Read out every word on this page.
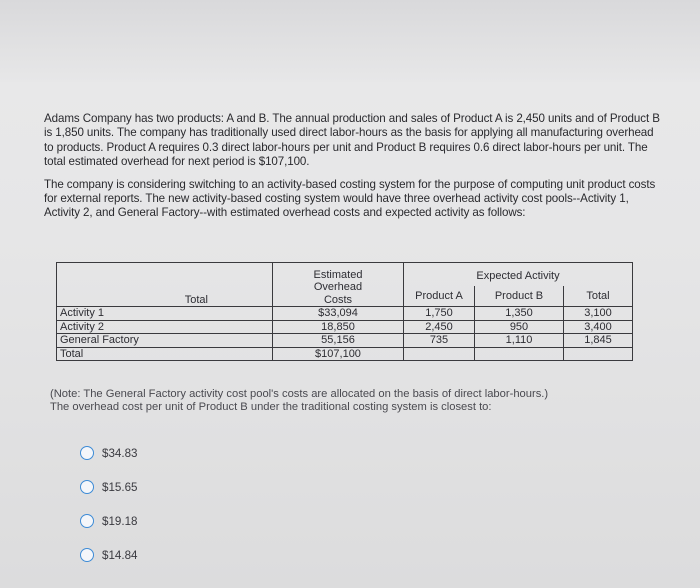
Adams Company has two products: A and B. The annual production and sales of Product A is 2,450 units and of Product B is 1,850 units. The company has traditionally used direct labor-hours as the basis for applying all manufacturing overhead to products. Product A requires 0.3 direct labor-hours per unit and Product B requires 0.6 direct labor-hours per unit. The total estimated overhead for next period is $107,100.

The company is considering switching to an activity-based costing system for the purpose of computing unit product costs for external reports. The new activity-based costing system would have three overhead activity cost pools--Activity 1, Activity 2, and General Factory--with estimated overhead costs and expected activity as follows:

Total	Estimated
Overhead
Costs	Expected Activity		
		Product A	Product B	Total
Activity 1	$33,094	1,750	1,350	3,100
Activity 2	18,850	2,450	950	3,400
General Factory	55,156	735	1,110	1,845
Total	$107,100			
(Note: The General Factory activity cost pool's costs are allocated on the basis of direct labor-hours.)
The overhead cost per unit of Product B under the traditional costing system is closest to:
$34.83
$15.65
$19.18
$14.84
